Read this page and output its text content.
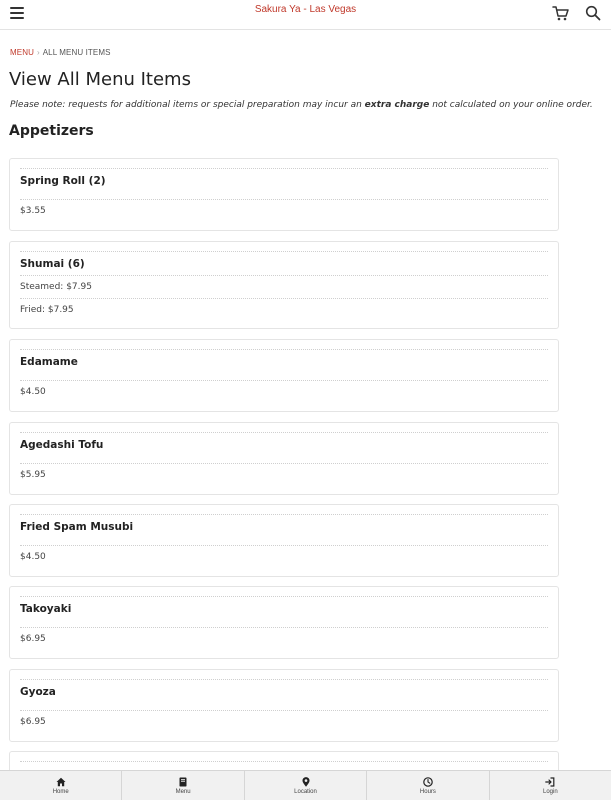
Sakura Ya - Las Vegas
MENU › ALL MENU ITEMS
View All Menu Items

Please note: requests for additional items or special preparation may incur an extra charge not calculated on your online order.

Appetizers
Spring Roll (2)
$3.55
Shumai (6)
Steamed: $7.95
Fried: $7.95
Edamame
$4.50
Agedashi Tofu
$5.95
Fried Spam Musubi
$4.50
Takoyaki
$6.95
Gyoza
$6.95
Home	Menu	Location	Hours	Login
